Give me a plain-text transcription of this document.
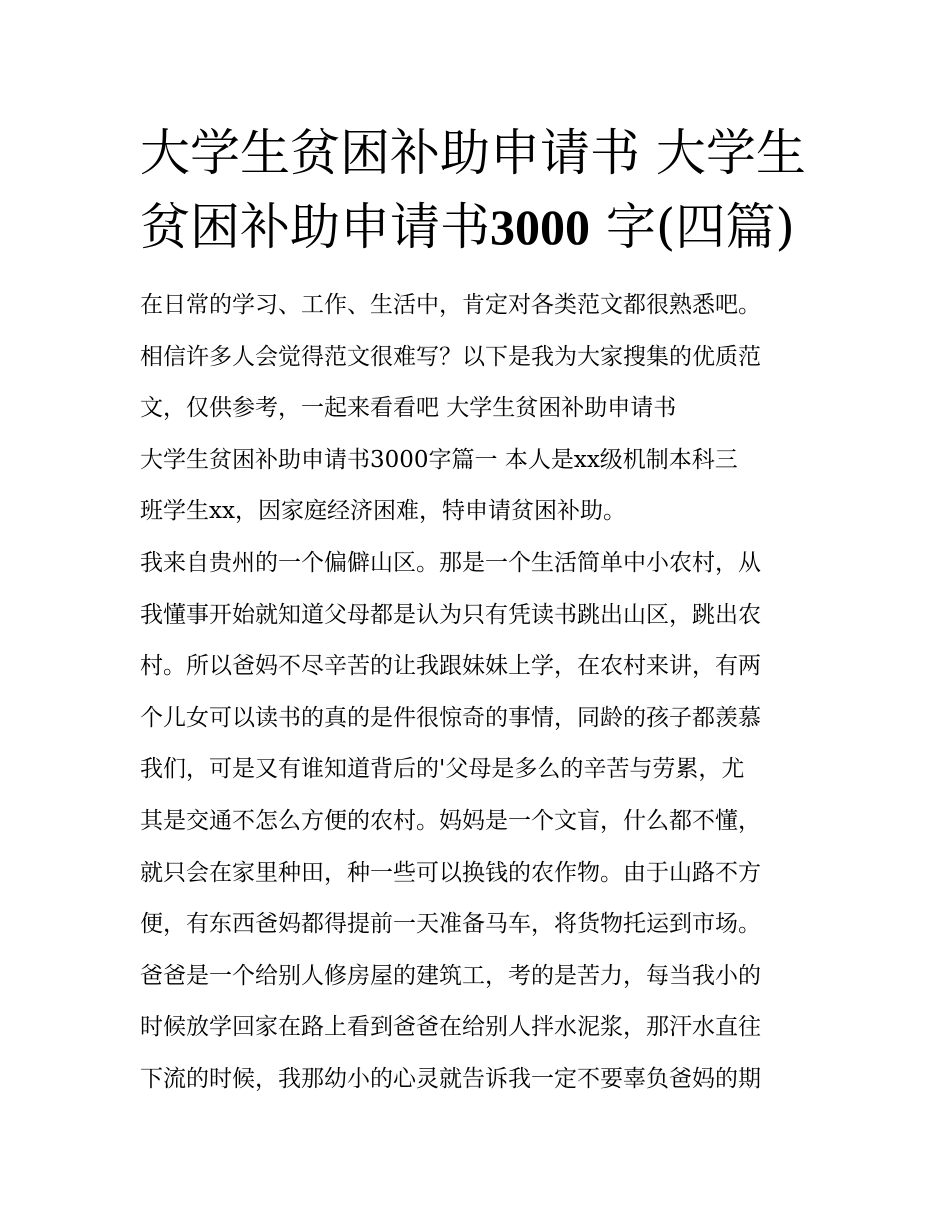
大学生贫困补助申请书 大学生
贫困补助申请书3000 字(四篇)
在日常的学习、工作、生活中，肯定对各类范文都很熟悉吧。
相信许多人会觉得范文很难写？以下是我为大家搜集的优质范
文，仅供参考，一起来看看吧 大学生贫困补助申请书
大学生贫困补助申请书3000字篇一 本人是xx级机制本科三
班学生xx，因家庭经济困难，特申请贫困补助。
我来自贵州的一个偏僻山区。那是一个生活简单中小农村，从
我懂事开始就知道父母都是认为只有凭读书跳出山区，跳出农
村。所以爸妈不尽辛苦的让我跟妹妹上学，在农村来讲，有两
个儿女可以读书的真的是件很惊奇的事情，同龄的孩子都羡慕
我们，可是又有谁知道背后的'父母是多么的辛苦与劳累，尤
其是交通不怎么方便的农村。妈妈是一个文盲，什么都不懂，
就只会在家里种田，种一些可以换钱的农作物。由于山路不方
便，有东西爸妈都得提前一天准备马车，将货物托运到市场。
爸爸是一个给别人修房屋的建筑工，考的是苦力，每当我小的
时候放学回家在路上看到爸爸在给别人拌水泥浆，那汗水直往
下流的时候，我那幼小的心灵就告诉我一定不要辜负爸妈的期
